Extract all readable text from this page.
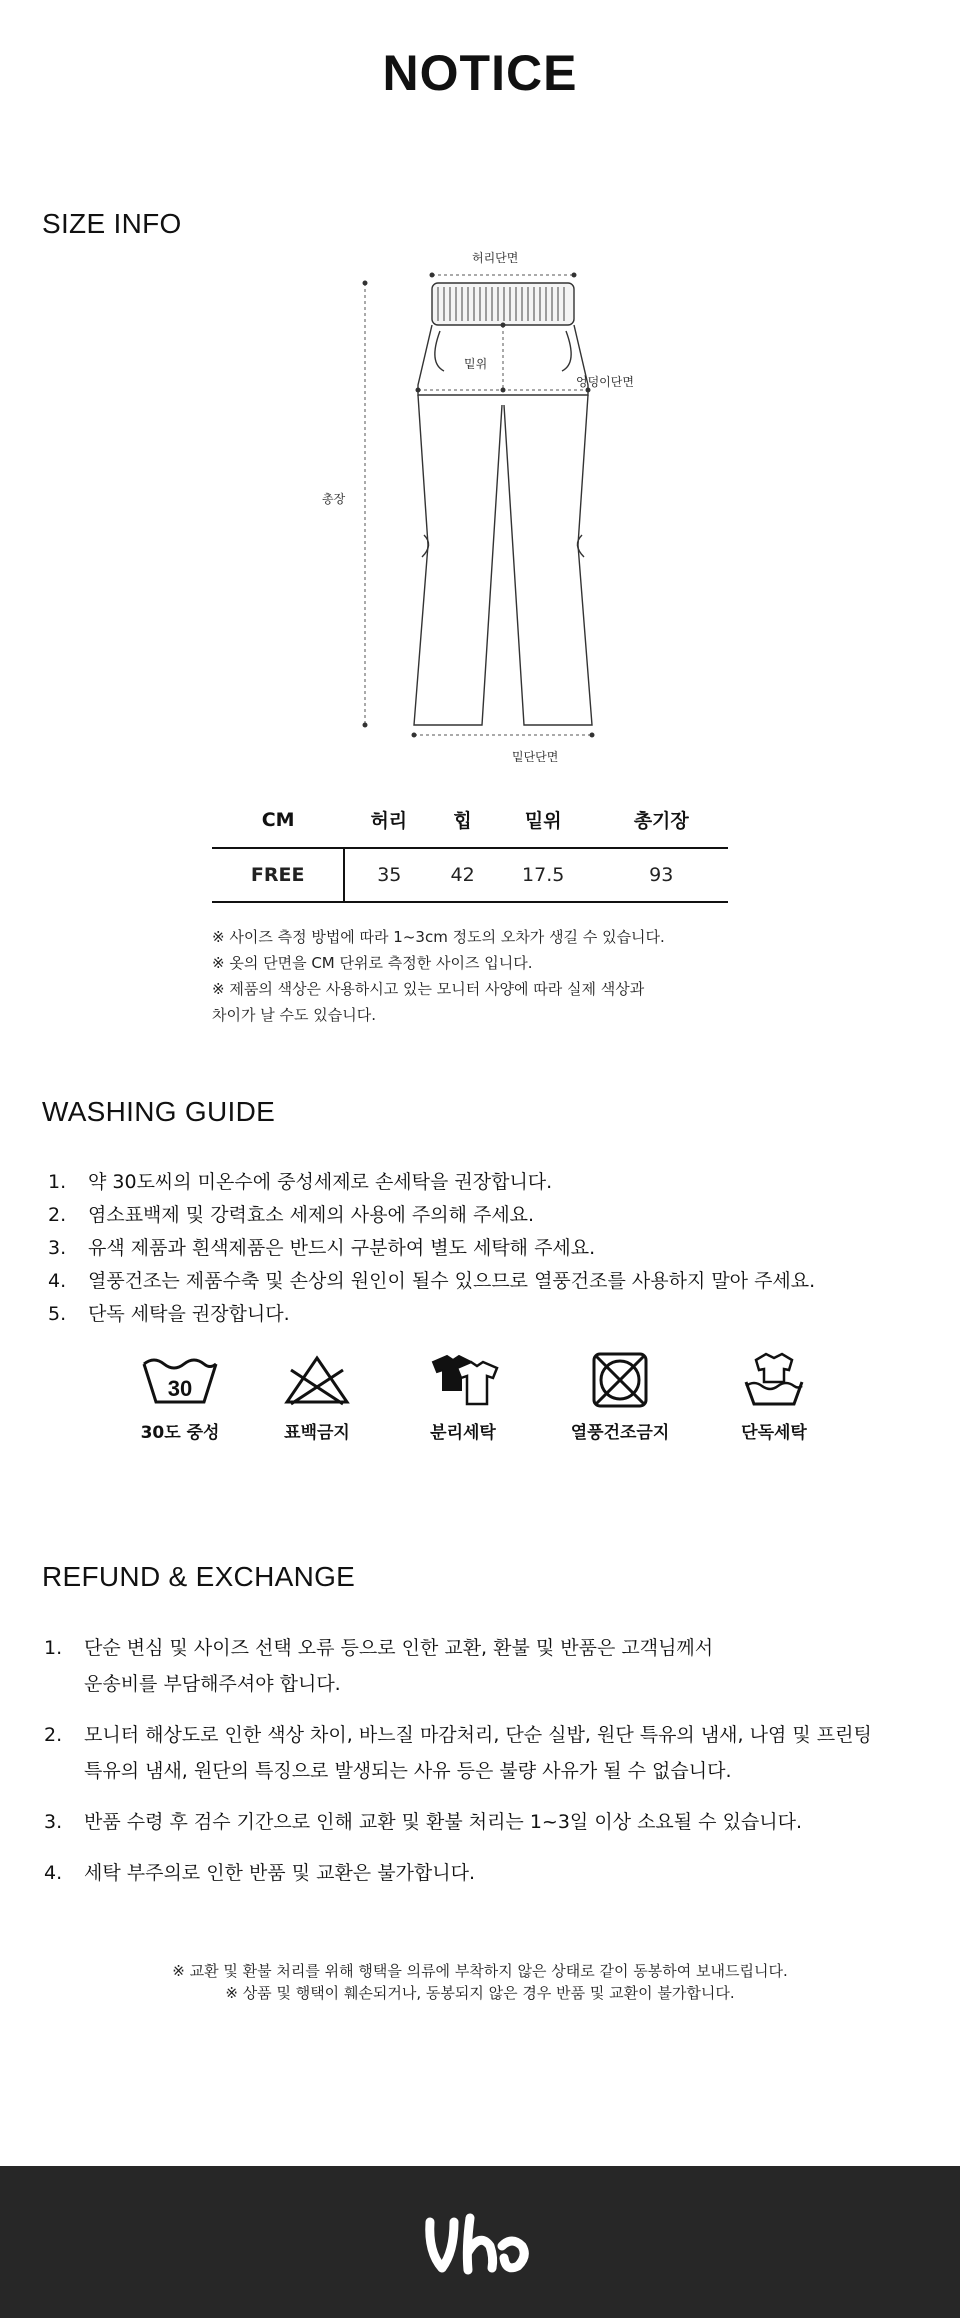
NOTICE
SIZE INFO
허리단면
밑위
엉덩이단면
총장
밑단단면
CM	허리	힙	밑위	총기장
FREE	35	42	17.5	93

※ 사이즈 측정 방법에 따라 1~3cm 정도의 오차가 생길 수 있습니다.

※ 옷의 단면을 CM 단위로 측정한 사이즈 입니다.

※ 제품의 색상은 사용하시고 있는 모니터 사양에 따라 실제 색상과

차이가 날 수도 있습니다.

WASHING GUIDE
1.	약 30도씨의 미온수에 중성세제로 손세탁을 권장합니다.
2.	염소표백제 및 강력효소 세제의 사용에 주의해 주세요.
3.	유색 제품과 흰색제품은 반드시 구분하여 별도 세탁해 주세요.
4.	열풍건조는 제품수축 및 손상의 원인이 될수 있으므로 열풍건조를 사용하지 말아 주세요.
5.	단독 세탁을 권장합니다.
30
30도 중성	표백금지	분리세탁	열풍건조금지	단독세탁
REFUND & EXCHANGE
1.	단순 변심 및 사이즈 선택 오류 등으로 인한 교환, 환불 및 반품은 고객님께서
운송비를 부담해주셔야 합니다.
2.	모니터 해상도로 인한 색상 차이, 바느질 마감처리, 단순 실밥, 원단 특유의 냄새, 나염 및 프린팅
특유의 냄새, 원단의 특징으로 발생되는 사유 등은 불량 사유가 될 수 없습니다.
3.	반품 수령 후 검수 기간으로 인해 교환 및 환불 처리는 1~3일 이상 소요될 수 있습니다.
4.	세탁 부주의로 인한 반품 및 교환은 불가합니다.

※ 교환 및 환불 처리를 위해 행택을 의류에 부착하지 않은 상태로 같이 동봉하여 보내드립니다.

※ 상품 및 행택이 훼손되거나, 동봉되지 않은 경우 반품 및 교환이 불가합니다.
